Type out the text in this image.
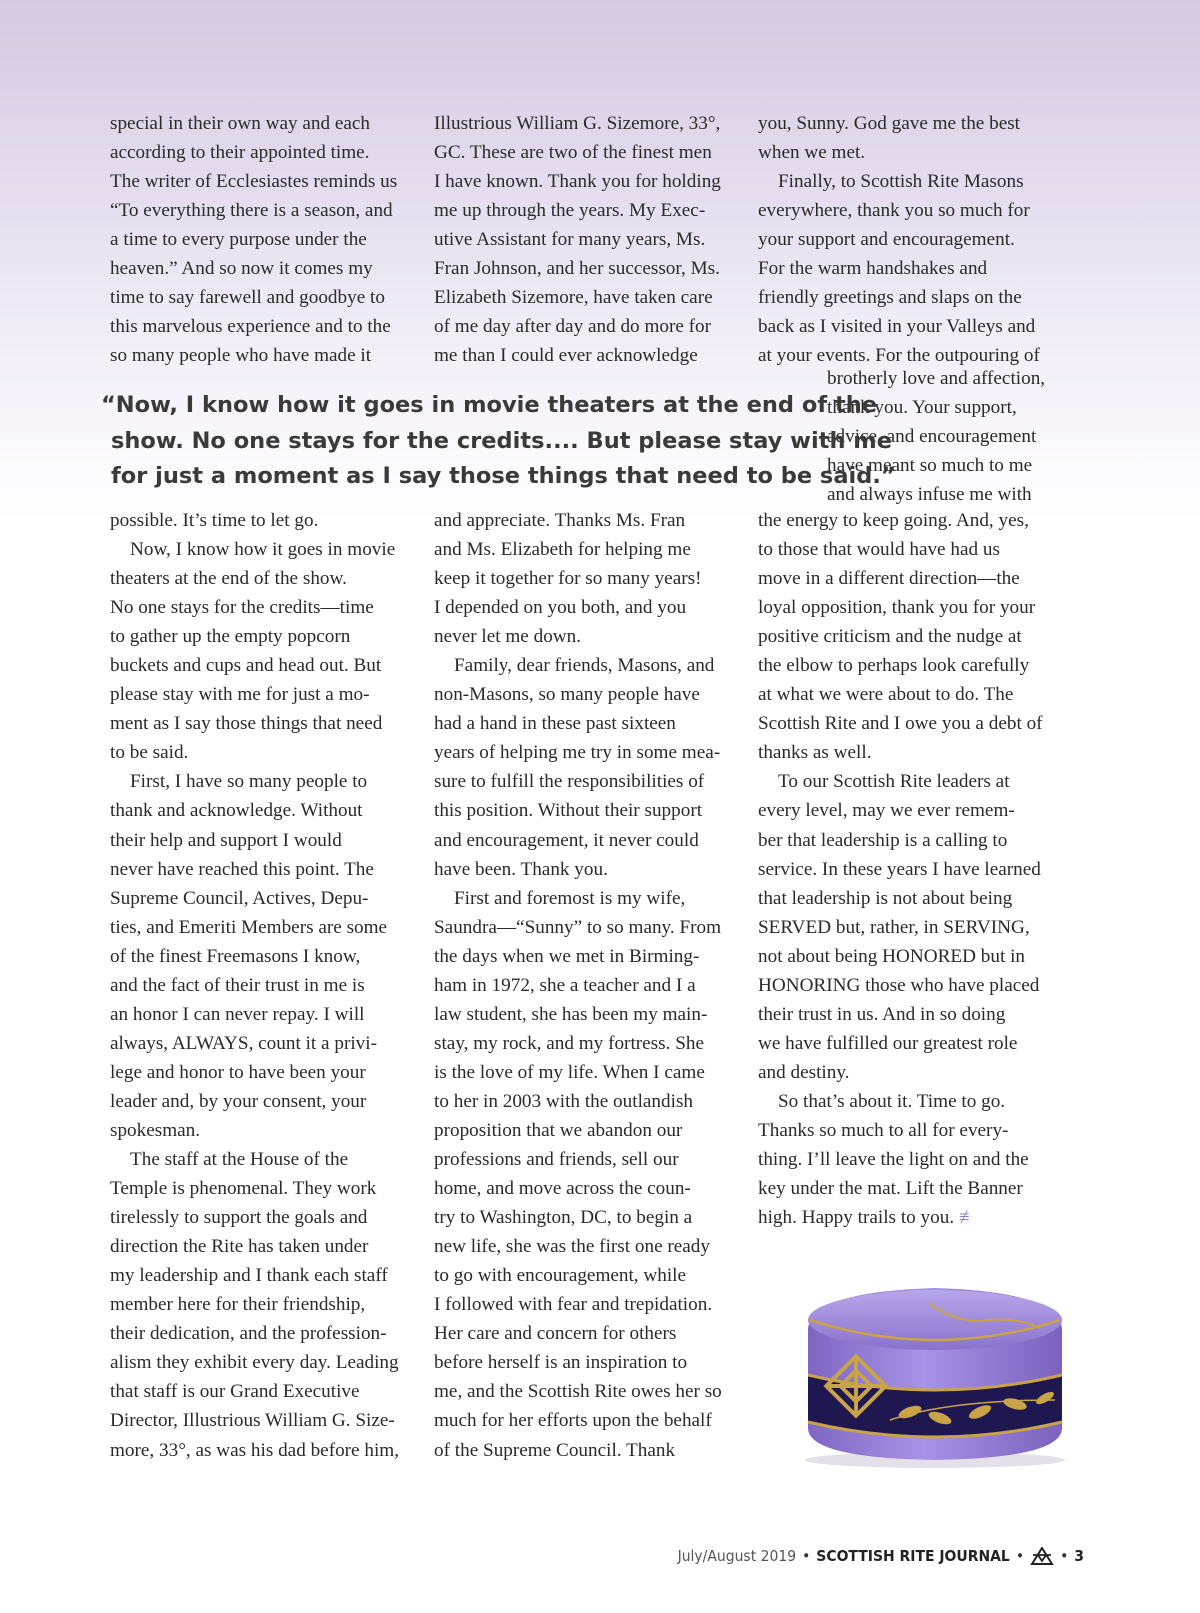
special in their own way and each

according to their appointed time.

The writer of Ecclesiastes reminds us

“To everything there is a season, and

a time to every purpose under the

heaven.” And so now it comes my

time to say farewell and goodbye to

this marvelous experience and to the

so many people who have made it

possible. It’s time to let go.

Now, I know how it goes in movie

theaters at the end of the show.

No one stays for the credits—time

to gather up the empty popcorn

buckets and cups and head out. But

please stay with me for just a mo-

ment as I say those things that need

to be said.

First, I have so many people to

thank and acknowledge. Without

their help and support I would

never have reached this point. The

Supreme Council, Actives, Depu-

ties, and Emeriti Members are some

of the finest Freemasons I know,

and the fact of their trust in me is

an honor I can never repay. I will

always, ALWAYS, count it a privi-

lege and honor to have been your

leader and, by your consent, your

spokesman.

The staff at the House of the

Temple is phenomenal. They work

tirelessly to support the goals and

direction the Rite has taken under

my leadership and I thank each staff

member here for their friendship,

their dedication, and the profession-

alism they exhibit every day. Leading

that staff is our Grand Executive

Director, Illustrious William G. Size-

more, 33°, as was his dad before him,

Illustrious William G. Sizemore, 33°,

GC. These are two of the finest men

I have known. Thank you for holding

me up through the years. My Exec-

utive Assistant for many years, Ms.

Fran Johnson, and her successor, Ms.

Elizabeth Sizemore, have taken care

of me day after day and do more for

me than I could ever acknowledge

and appreciate. Thanks Ms. Fran

and Ms. Elizabeth for helping me

keep it together for so many years!

I depended on you both, and you

never let me down.

Family, dear friends, Masons, and

non-Masons, so many people have

had a hand in these past sixteen

years of helping me try in some mea-

sure to fulfill the responsibilities of

this position. Without their support

and encouragement, it never could

have been. Thank you.

First and foremost is my wife,

Saundra—“Sunny” to so many. From

the days when we met in Birming-

ham in 1972, she a teacher and I a

law student, she has been my main-

stay, my rock, and my fortress. She

is the love of my life. When I came

to her in 2003 with the outlandish

proposition that we abandon our

professions and friends, sell our

home, and move across the coun-

try to Washington, DC, to begin a

new life, she was the first one ready

to go with encouragement, while

I followed with fear and trepidation.

Her care and concern for others

before herself is an inspiration to

me, and the Scottish Rite owes her so

much for her efforts upon the behalf

of the Supreme Council. Thank

you, Sunny. God gave me the best

when we met.

Finally, to Scottish Rite Masons

everywhere, thank you so much for

your support and encouragement.

For the warm handshakes and

friendly greetings and slaps on the

back as I visited in your Valleys and

at your events. For the outpouring of

brotherly love and affection,

thank you. Your support,

advice, and encouragement

have meant so much to me

and always infuse me with

the energy to keep going. And, yes,

to those that would have had us

move in a different direction—the

loyal opposition, thank you for your

positive criticism and the nudge at

the elbow to perhaps look carefully

at what we were about to do. The

Scottish Rite and I owe you a debt of

thanks as well.

To our Scottish Rite leaders at

every level, may we ever remem-

ber that leadership is a calling to

service. In these years I have learned

that leadership is not about being

SERVED but, rather, in SERVING,

not about being HONORED but in

HONORING those who have placed

their trust in us. And in so doing

we have fulfilled our greatest role

and destiny.

So that’s about it. Time to go.

Thanks so much to all for every-

thing. I’ll leave the light on and the

key under the mat. Lift the Banner

high. Happy trails to you. ≢

“Now, I know how it goes in movie theaters at the end of the
show. No one stays for the credits.... But please stay with me
for just a moment as I say those things that need to be said.”
July/August 2019 • SCOTTISH RITE JOURNAL • • 3
